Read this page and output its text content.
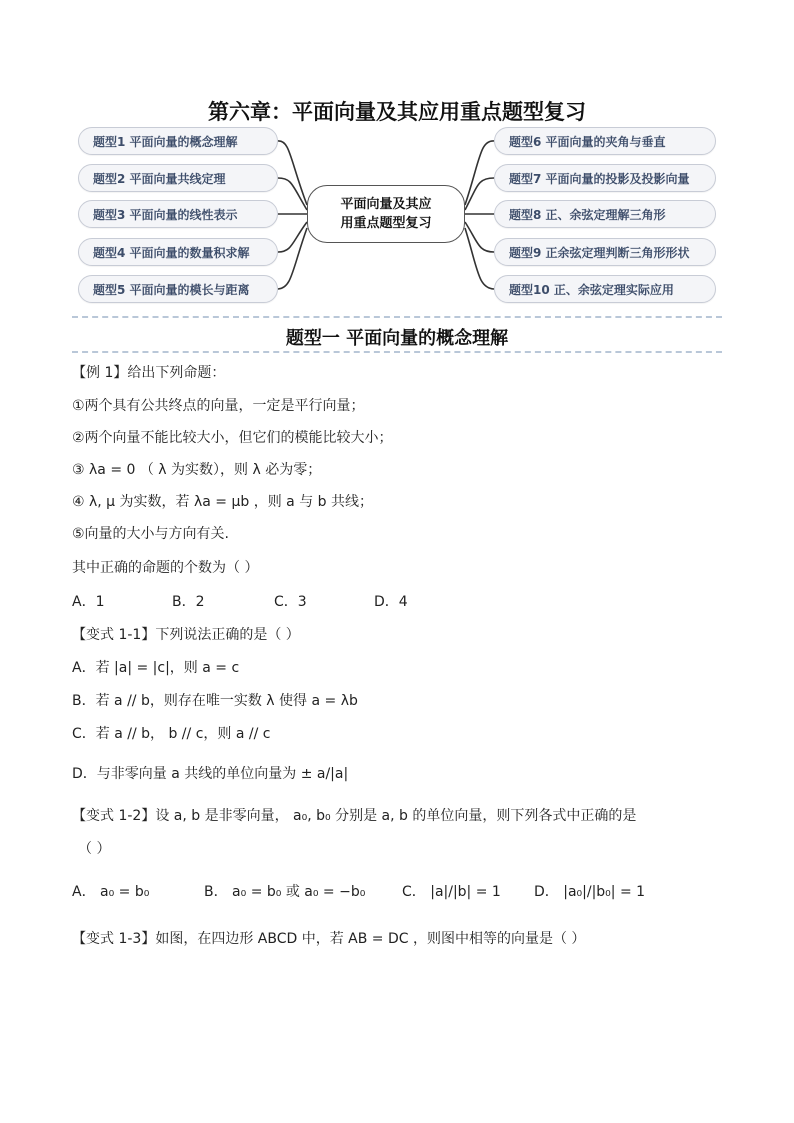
第六章：平面向量及其应用重点题型复习
题型1 平面向量的概念理解
题型2 平面向量共线定理
题型3 平面向量的线性表示
题型4 平面向量的数量积求解
题型5 平面向量的模长与距离
题型6 平面向量的夹角与垂直
题型7 平面向量的投影及投影向量
题型8 正、余弦定理解三角形
题型9 正余弦定理判断三角形形状
题型10 正、余弦定理实际应用
平面向量及其应
用重点题型复习
题型一 平面向量的概念理解
【例 1】给出下列命题：
①两个具有公共终点的向量，一定是平行向量；
②两个向量不能比较大小，但它们的模能比较大小；
③ λa = 0 （ λ 为实数），则 λ 必为零；
④ λ, μ 为实数，若 λa = μb ，则 a 与 b 共线；
⑤向量的大小与方向有关.
其中正确的命题的个数为（ ）
A．1	B．2	C．3	D．4
【变式 1-1】下列说法正确的是（ ）
A．若 |a| = |c|，则 a = c
B．若 a // b，则存在唯一实数 λ 使得 a = λb
C．若 a // b， b // c，则 a // c
D．与非零向量 a 共线的单位向量为 ± a/|a|
【变式 1-2】设 a, b 是非零向量， a₀, b₀ 分别是 a, b 的单位向量，则下列各式中正确的是
（ ）
A． a₀ = b₀	B． a₀ = b₀ 或 a₀ = −b₀	C． |a|/|b| = 1 D． |a₀|/|b₀| = 1
【变式 1-3】如图，在四边形 ABCD 中，若 AB = DC ，则图中相等的向量是（ ）
